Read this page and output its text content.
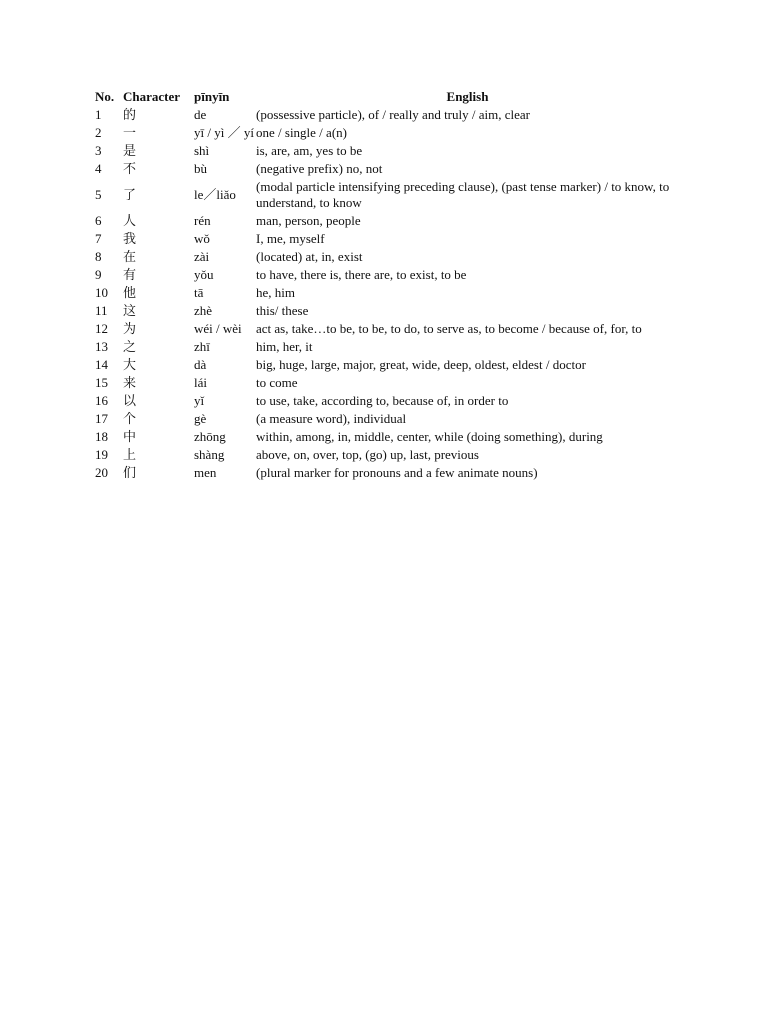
No.	Character	pīnyīn	English
1	的	de	(possessive particle), of / really and truly / aim, clear
2	一	yī / yì ／ yí	one / single / a(n)
3	是	shì	is, are, am, yes to be
4	不	bù	(negative prefix) no, not
5	了	le／liǎo	(modal particle intensifying preceding clause), (past tense marker) / to know, to understand, to know
6	人	rén	man, person, people
7	我	wǒ	I, me, myself
8	在	zài	(located) at, in, exist
9	有	yǒu	to have, there is, there are, to exist, to be
10	他	tā	he, him
11	这	zhè	this/ these
12	为	wéi / wèi	act as, take…to be, to be, to do, to serve as, to become / because of, for, to
13	之	zhī	him, her, it
14	大	dà	big, huge, large, major, great, wide, deep, oldest, eldest / doctor
15	来	lái	to come
16	以	yǐ	to use, take, according to, because of, in order to
17	个	gè	(a measure word), individual
18	中	zhōng	within, among, in, middle, center, while (doing something), during
19	上	shàng	above, on, over, top, (go) up, last, previous
20	们	men	(plural marker for pronouns and a few animate nouns)
